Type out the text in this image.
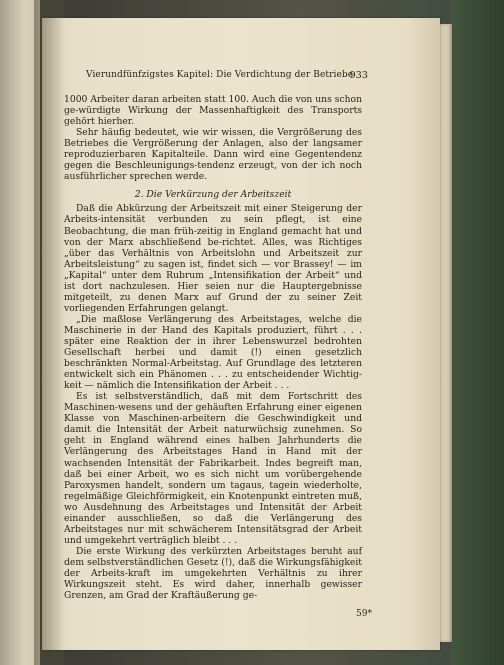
Vierundfünfzigstes Kapitel: Die Verdichtung der Betriebe
933

1000 Arbeiter daran arbeiten statt 100. Auch die von uns schon ge-würdigte Wirkung der Massenhaftigkeit des Transports gehört hierher.

Sehr häufig bedeutet, wie wir wissen, die Vergrößerung des Betriebes die Vergrößerung der Anlagen, also der langsamer reproduzierbaren Kapitalteile. Dann wird eine Gegentendenz gegen die Beschleunigungs-tendenz erzeugt, von der ich noch ausführlicher sprechen werde.

2. Die Verkürzung der Arbeitszeit

Daß die Abkürzung der Arbeitszeit mit einer Steigerung der Arbeits-intensität verbunden zu sein pflegt, ist eine Beobachtung, die man früh-zeitig in England gemacht hat und von der Marx abschließend be-richtet. Alles, was Richtiges „über das Verhältnis von Arbeitslohn und Arbeitszeit zur Arbeitsleistung“ zu sagen ist, findet sich — vor Brassey! — im „Kapital“ unter dem Rubrum „Intensifikation der Arbeit“ und ist dort nachzulesen. Hier seien nur die Hauptergebnisse mitgeteilt, zu denen Marx auf Grund der zu seiner Zeit vorliegenden Erfahrungen gelangt.

„Die maßlose Verlängerung des Arbeitstages, welche die Maschinerie in der Hand des Kapitals produziert, führt . . . später eine Reaktion der in ihrer Lebenswurzel bedrohten Gesellschaft herbei und damit (!) einen gesetzlich beschränkten Normal-Arbeitstag. Auf Grundlage des letzteren entwickelt sich ein Phänomen . . . zu entscheidender Wichtig-keit — nämlich die Intensifikation der Arbeit . . .

Es ist selbstverständlich, daß mit dem Fortschritt des Maschinen-wesens und der gehäuften Erfahrung einer eigenen Klasse von Maschinen-arbeitern die Geschwindigkeit und damit die Intensität der Arbeit naturwüchsig zunehmen. So geht in England während eines halben Jahrhunderts die Verlängerung des Arbeitstages Hand in Hand mit der wachsenden Intensität der Fabrikarbeit. Indes begreift man, daß bei einer Arbeit, wo es sich nicht um vorübergehende Paroxysmen handelt, sondern um tagaus, tagein wiederholte, regelmäßige Gleichförmigkeit, ein Knotenpunkt eintreten muß, wo Ausdehnung des Arbeitstages und Intensität der Arbeit einander ausschließen, so daß die Verlängerung des Arbeitstages nur mit schwächerem Intensitätsgrad der Arbeit und umgekehrt verträglich bleibt . . .

Die erste Wirkung des verkürzten Arbeitstages beruht auf dem selbstverständlichen Gesetz (!), daß die Wirkungsfähigkeit der Arbeits-kraft im umgekehrten Verhältnis zu ihrer Wirkungszeit steht. Es wird daher, innerhalb gewisser Grenzen, am Grad der Kraftäußerung ge-

59*
